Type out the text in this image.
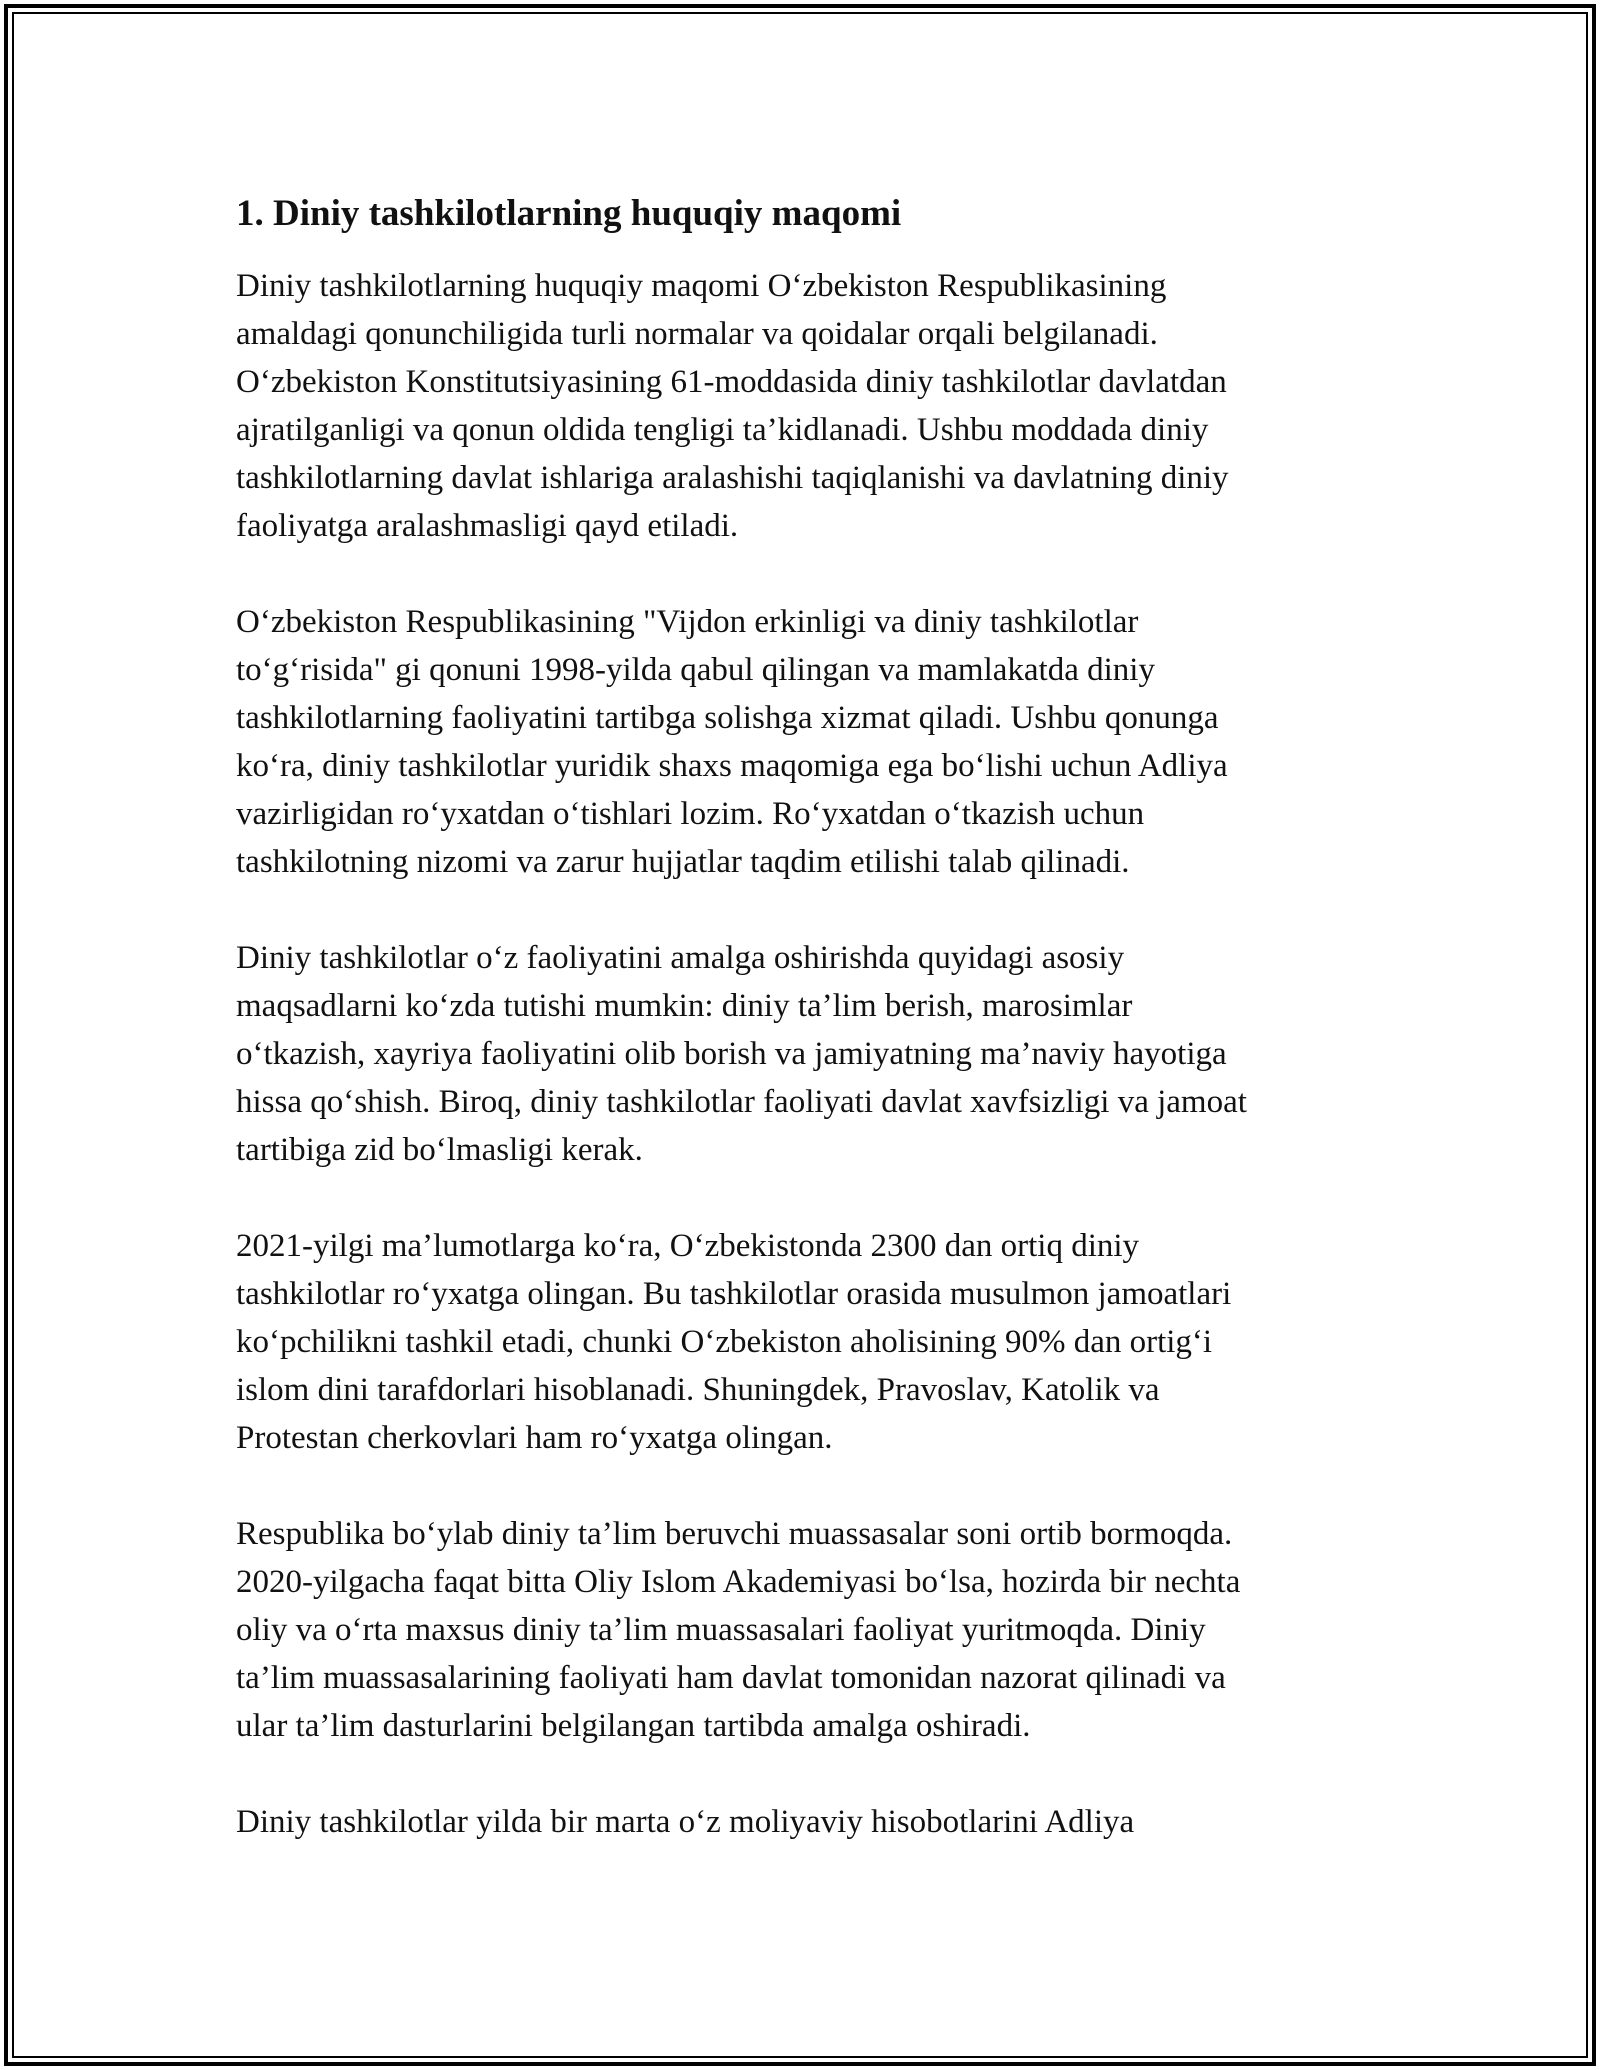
1. Diniy tashkilotlarning huquqiy maqomi

Diniy tashkilotlarning huquqiy maqomi O‘zbekiston Respublikasining
amaldagi qonunchiligida turli normalar va qoidalar orqali belgilanadi.
O‘zbekiston Konstitutsiyasining 61-moddasida diniy tashkilotlar davlatdan
ajratilganligi va qonun oldida tengligi ta’kidlanadi. Ushbu moddada diniy
tashkilotlarning davlat ishlariga aralashishi taqiqlanishi va davlatning diniy
faoliyatga aralashmasligi qayd etiladi.

O‘zbekiston Respublikasining "Vijdon erkinligi va diniy tashkilotlar
to‘g‘risida" gi qonuni 1998-yilda qabul qilingan va mamlakatda diniy
tashkilotlarning faoliyatini tartibga solishga xizmat qiladi. Ushbu qonunga
ko‘ra, diniy tashkilotlar yuridik shaxs maqomiga ega bo‘lishi uchun Adliya
vazirligidan ro‘yxatdan o‘tishlari lozim. Ro‘yxatdan o‘tkazish uchun
tashkilotning nizomi va zarur hujjatlar taqdim etilishi talab qilinadi.

Diniy tashkilotlar o‘z faoliyatini amalga oshirishda quyidagi asosiy
maqsadlarni ko‘zda tutishi mumkin: diniy ta’lim berish, marosimlar
o‘tkazish, xayriya faoliyatini olib borish va jamiyatning ma’naviy hayotiga
hissa qo‘shish. Biroq, diniy tashkilotlar faoliyati davlat xavfsizligi va jamoat
tartibiga zid bo‘lmasligi kerak.

2021-yilgi ma’lumotlarga ko‘ra, O‘zbekistonda 2300 dan ortiq diniy
tashkilotlar ro‘yxatga olingan. Bu tashkilotlar orasida musulmon jamoatlari
ko‘pchilikni tashkil etadi, chunki O‘zbekiston aholisining 90% dan ortig‘i
islom dini tarafdorlari hisoblanadi. Shuningdek, Pravoslav, Katolik va
Protestan cherkovlari ham ro‘yxatga olingan.

Respublika bo‘ylab diniy ta’lim beruvchi muassasalar soni ortib bormoqda.
2020-yilgacha faqat bitta Oliy Islom Akademiyasi bo‘lsa, hozirda bir nechta
oliy va o‘rta maxsus diniy ta’lim muassasalari faoliyat yuritmoqda. Diniy
ta’lim muassasalarining faoliyati ham davlat tomonidan nazorat qilinadi va
ular ta’lim dasturlarini belgilangan tartibda amalga oshiradi.

Diniy tashkilotlar yilda bir marta o‘z moliyaviy hisobotlarini Adliya
